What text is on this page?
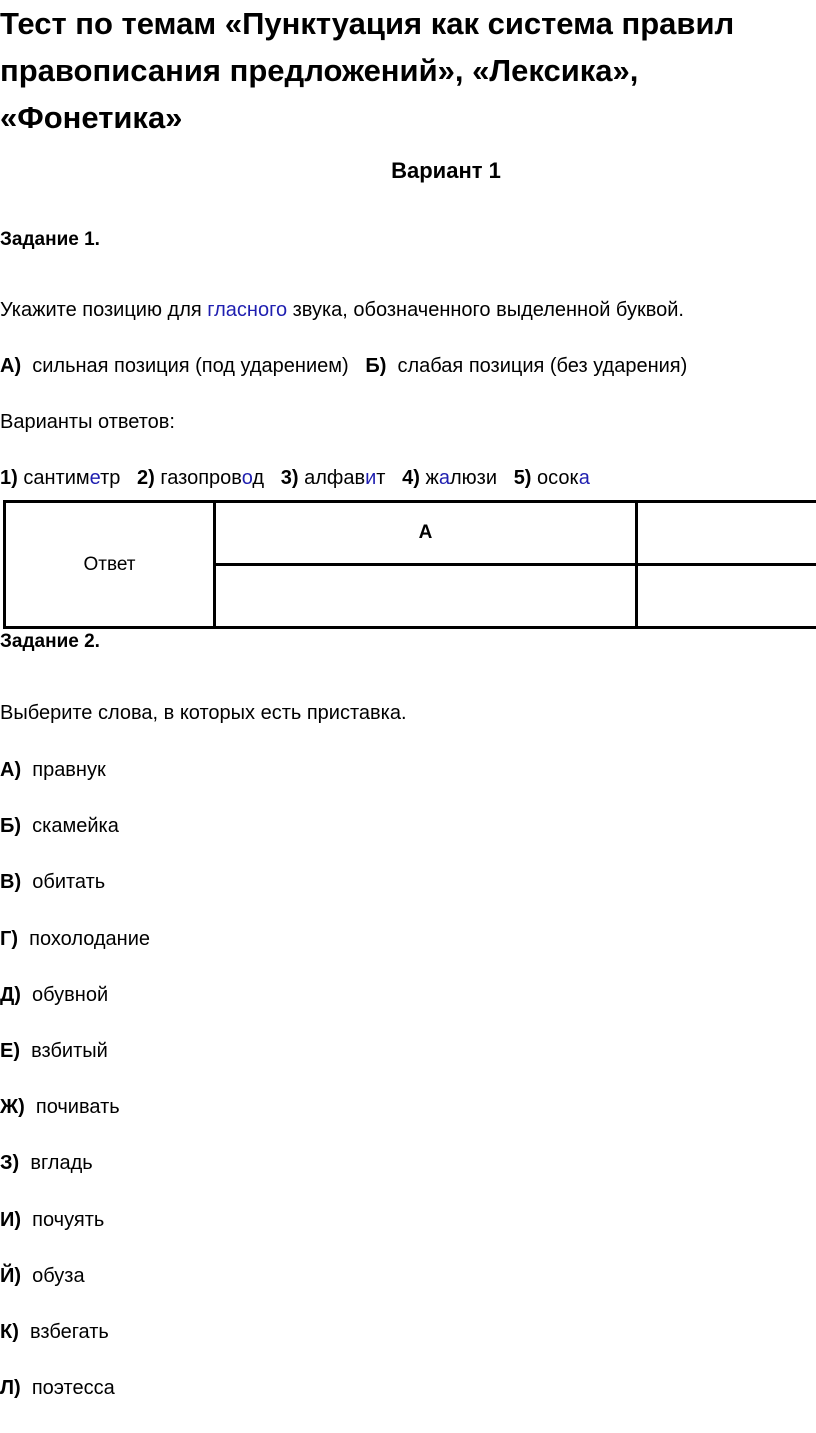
Тест по темам «Пунктуация как система правил правописания предложений», «Лексика», «Фонетика»
Вариант 1
Задание 1.
Укажите позицию для гласного звука, обозначенного выделенной буквой.
А) сильная позиция (под ударением) Б) слабая позиция (без ударения)
Варианты ответов:
1) сантиметр 2) газопровод 3) алфавит 4) жалюзи 5) осока
Ответ	А	

Задание 2.
Выберите слова, в которых есть приставка.
А) правнук
Б) скамейка
В) обитать
Г) похолодание
Д) обувной
Е) взбитый
Ж) почивать
З) вгладь
И) почуять
Й) обуза
К) взбегать
Л) поэтесса
